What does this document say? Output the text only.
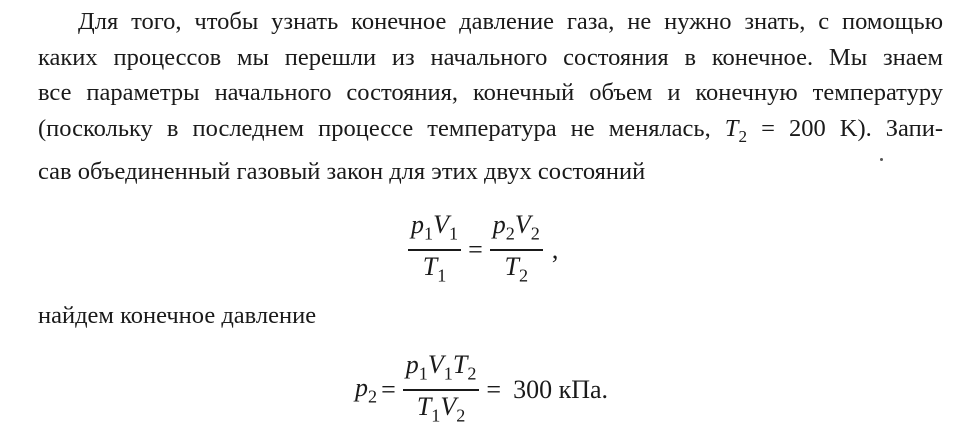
Для того, чтобы узнать конечное давление газа, не нужно знать, с помощью
каких процессов мы перешли из начального состояния в конечное. Мы знаем
все параметры начального состояния, конечный объем и конечную температуру
(поскольку в последнем процессе температура не менялась, $T_2 = 200$ K). Запи-
сав объединенный газовый закон для этих двух состояний
$\frac{p_1V_1}{T_1} = \frac{p_2V_2}{T_2}$ ,
найдем конечное давление
$p_2 = \frac{p_1V_1T_2}{T_1V_2} = 300$ кПа.
